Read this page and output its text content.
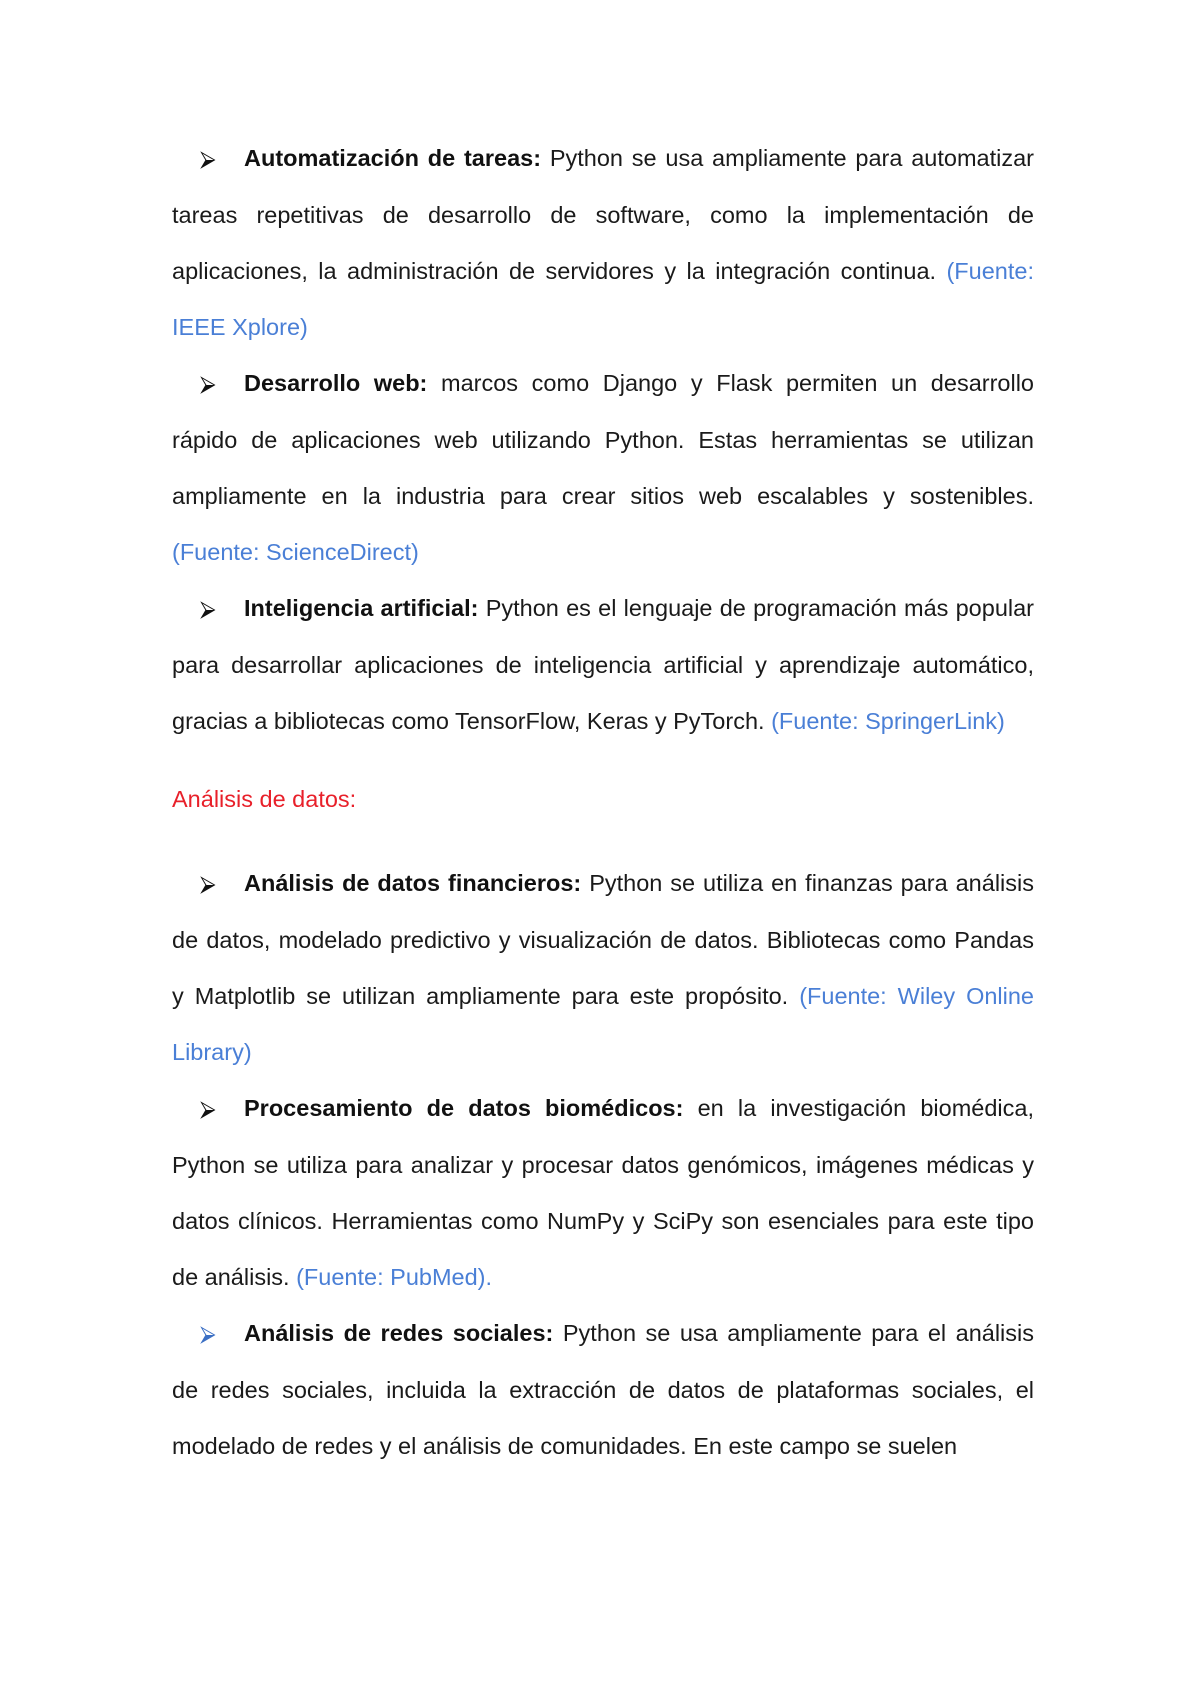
⮚ Automatización de tareas: Python se usa ampliamente para automatizar tareas repetitivas de desarrollo de software, como la implementación de aplicaciones, la administración de servidores y la integración continua. (Fuente: IEEE Xplore)

⮚ Desarrollo web: marcos como Django y Flask permiten un desarrollo rápido de aplicaciones web utilizando Python. Estas herramientas se utilizan ampliamente en la industria para crear sitios web escalables y sostenibles. (Fuente: ScienceDirect)

⮚ Inteligencia artificial: Python es el lenguaje de programación más popular para desarrollar aplicaciones de inteligencia artificial y aprendizaje automático, gracias a bibliotecas como TensorFlow, Keras y PyTorch. (Fuente: SpringerLink)

Análisis de datos:

⮚ Análisis de datos financieros: Python se utiliza en finanzas para análisis de datos, modelado predictivo y visualización de datos. Bibliotecas como Pandas y Matplotlib se utilizan ampliamente para este propósito. (Fuente: Wiley Online Library)

⮚ Procesamiento de datos biomédicos: en la investigación biomédica, Python se utiliza para analizar y procesar datos genómicos, imágenes médicas y datos clínicos. Herramientas como NumPy y SciPy son esenciales para este tipo de análisis. (Fuente: PubMed).

⮚ Análisis de redes sociales: Python se usa ampliamente para el análisis de redes sociales, incluida la extracción de datos de plataformas sociales, el modelado de redes y el análisis de comunidades. En este campo se suelen
